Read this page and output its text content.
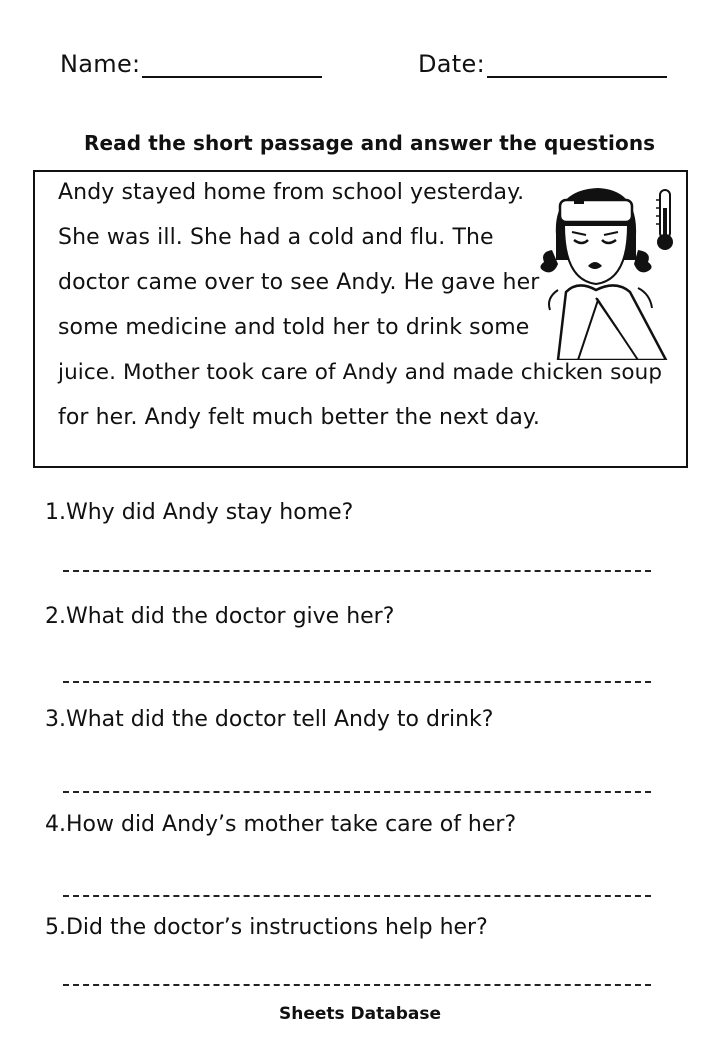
Name:	Date:
Read the short passage and answer the questions
Andy stayed home from school yesterday.
She was ill. She had a cold and flu. The
doctor came over to see Andy. He gave her
some medicine and told her to drink some
juice. Mother took care of Andy and made chicken soup
for her. Andy felt much better the next day.
1.Why did Andy stay home?
2.What did the doctor give her?
3.What did the doctor tell Andy to drink?
4.How did Andy’s mother take care of her?
5.Did the doctor’s instructions help her?
Sheets Database
